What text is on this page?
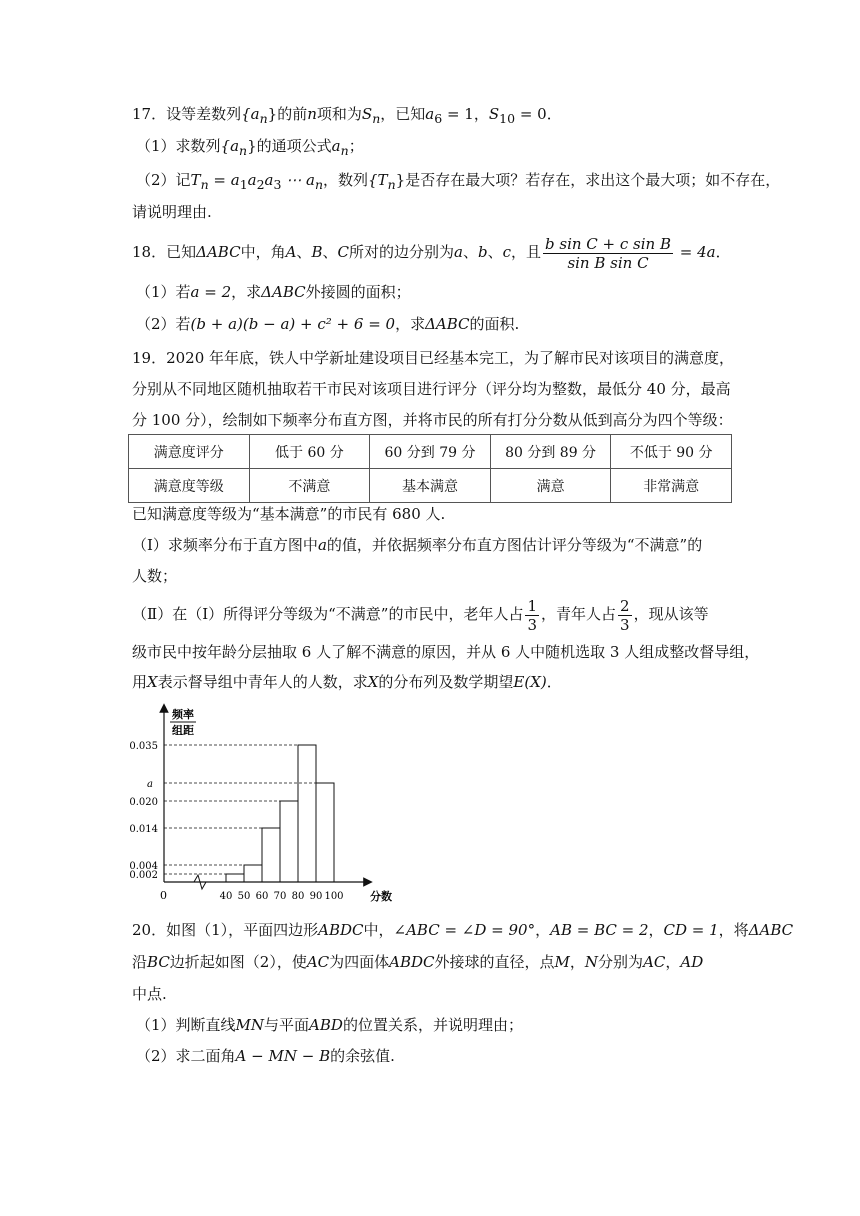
17．设等差数列$\{a_n\}$的前n项和为$S_n$，已知$a_6 = 1$，$S_{10} = 0$．
（1）求数列$\{a_n\}$的通项公式$a_n$；
（2）记$T_n = a_1a_2a_3$ ⋯ $a_n$，数列$\{T_n\}$是否存在最大项？若存在，求出这个最大项；如不存在，
请说明理由.
18．已知ΔABC中，角A、B、C所对的边分别为a、b、c，且 $\frac{\text{b sin C + c sin B}}{\text{sin B sin C}} = 4a$．
（1）若a = 2，求ΔABC外接圆的面积；
（2）若(b + a)(b − a) + c² + 6 = 0，求ΔABC的面积.
19．2020 年年底，铁人中学新址建设项目已经基本完工，为了解市民对该项目的满意度，
分别从不同地区随机抽取若干市民对该项目进行评分（评分均为整数，最低分 40 分，最高
分 100 分），绘制如下频率分布直方图，并将市民的所有打分分数从低到高分为四个等级：
满意度评分	低于 60 分	60 分到 79 分	80 分到 89 分	不低于 90 分
满意度等级	不满意	基本满意	满意	非常满意
已知满意度等级为“基本满意”的市民有 680 人.
（Ⅰ）求频率分布于直方图中a的值，并依据频率分布直方图估计评分等级为“不满意”的
人数；
（Ⅱ）在（Ⅰ）所得评分等级为“不满意”的市民中，老年人占 $\frac{1}{3}$ ，青年人占 $\frac{2}{3}$ ，现从该等
级市民中按年龄分层抽取 6 人了解不满意的原因，并从 6 人中随机选取 3 人组成整改督导组，
用X表示督导组中青年人的人数，求X的分布列及数学期望E(X)．
频率
组距
分数
0
0.035
a
0.020
0.014
0.004
0.002
40 50 60 70 80 90 100
20．如图（1），平面四边形ABDC中，∠ABC = ∠D = 90°，AB = BC = 2，CD = 1，将ΔABC
沿BC边折起如图（2），使AC为四面体ABDC外接球的直径，点M，N分别为AC，AD
中点.
（1）判断直线MN与平面ABD的位置关系，并说明理由；
（2）求二面角A − MN − B的余弦值.
